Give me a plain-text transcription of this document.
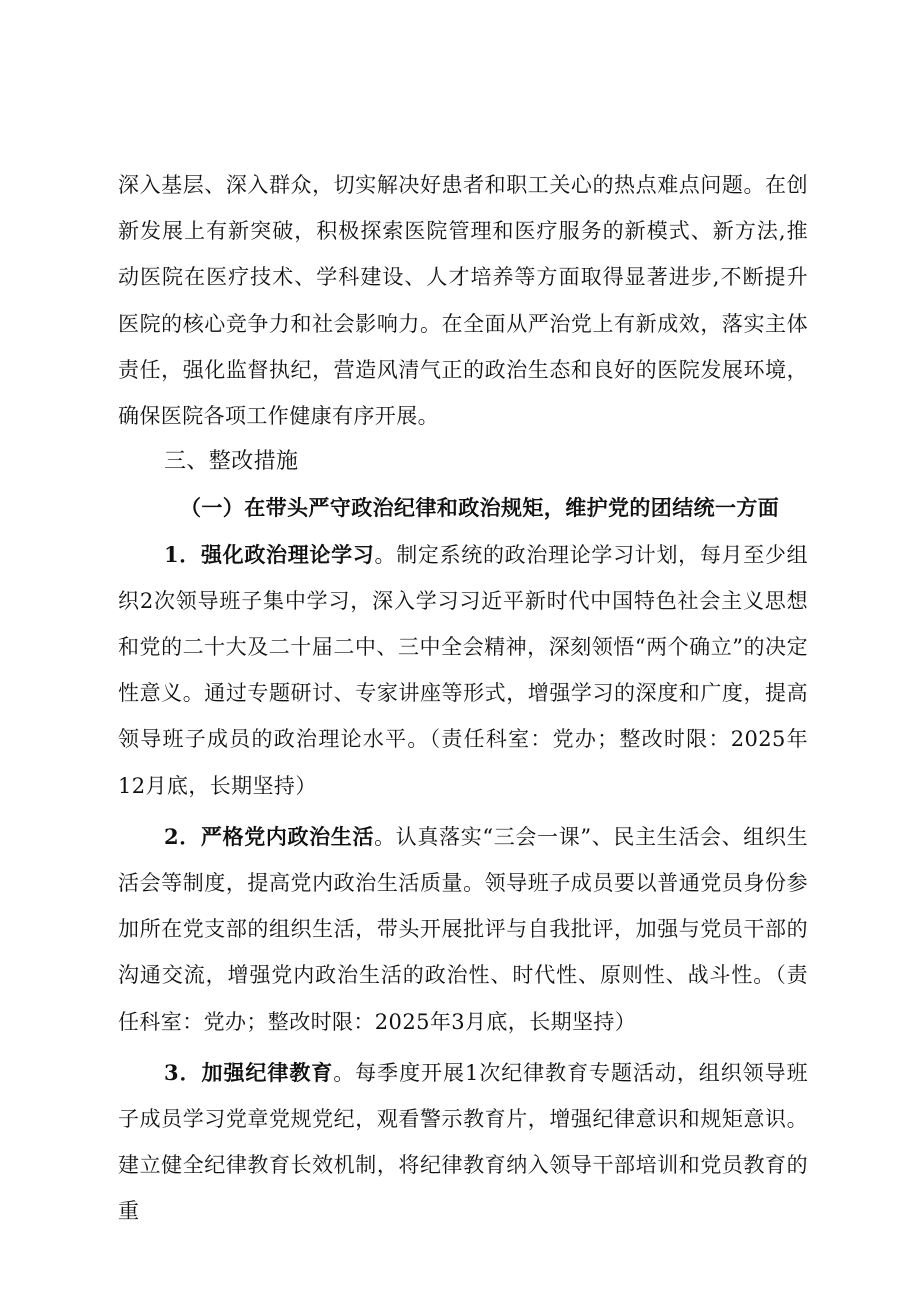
深入基层、深入群众，切实解决好患者和职工关心的热点难点问题。在创新发展上有新突破，积极探索医院管理和医疗服务的新模式、新方法,推动医院在医疗技术、学科建设、人才培养等方面取得显著进步,不断提升医院的核心竞争力和社会影响力。在全面从严治党上有新成效，落实主体责任，强化监督执纪，营造风清气正的政治生态和良好的医院发展环境，确保医院各项工作健康有序开展。

三、整改措施

（一）在带头严守政治纪律和政治规矩，维护党的团结统一方面

1．强化政治理论学习。制定系统的政治理论学习计划，每月至少组织2次领导班子集中学习，深入学习习近平新时代中国特色社会主义思想和党的二十大及二十届二中、三中全会精神，深刻领悟“两个确立”的决定性意义。通过专题研讨、专家讲座等形式，增强学习的深度和广度，提高领导班子成员的政治理论水平。（责任科室：党办；整改时限：2025年12月底，长期坚持）

2．严格党内政治生活。认真落实“三会一课”、民主生活会、组织生活会等制度，提高党内政治生活质量。领导班子成员要以普通党员身份参加所在党支部的组织生活，带头开展批评与自我批评，加强与党员干部的沟通交流，增强党内政治生活的政治性、时代性、原则性、战斗性。（责任科室：党办；整改时限：2025年3月底，长期坚持）

3．加强纪律教育。每季度开展1次纪律教育专题活动，组织领导班子成员学习党章党规党纪，观看警示教育片，增强纪律意识和规矩意识。建立健全纪律教育长效机制，将纪律教育纳入领导干部培训和党员教育的重
